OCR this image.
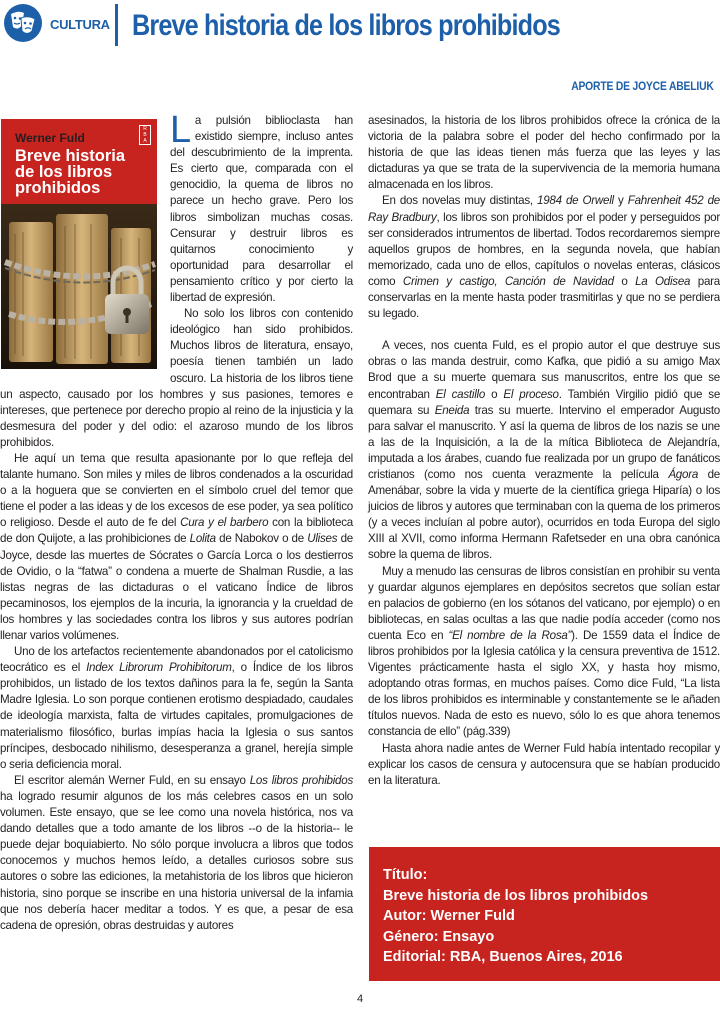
CULTURA Breve historia de los libros prohibidos
APORTE DE JOYCE ABELIUK
Werner Fuld
R
B
A
Breve historia
de los libros
prohibidos

La pulsión biblioclasta han existido siempre, incluso antes del descubrimiento de la imprenta. Es cierto que, comparada con el genocidio, la quema de libros no parece un hecho grave. Pero los libros simbolizan muchas cosas. Censurar y destruir libros es quitarnos conocimiento y oportunidad para desarrollar el pensamiento crítico y por cierto la libertad de expresión.

No solo los libros con contenido ideológico han sido prohibidos. Muchos libros de literatura, ensayo, poesía tienen también un lado oscuro. La historia de los libros tiene un aspecto, causado por los hombres y sus pasiones, temores e intereses, que pertenece por derecho propio al reino de la injusticia y la desmesura del poder y del odio: el azaroso mundo de los libros prohibidos.

He aquí un tema que resulta apasionante por lo que refleja del talante humano. Son miles y miles de libros condenados a la oscuridad o a la hoguera que se convierten en el símbolo cruel del temor que tiene el poder a las ideas y de los excesos de ese poder, ya sea político o religioso. Desde el auto de fe del Cura y el barbero con la biblioteca de don Quijote, a las prohibiciones de Lolita de Nabokov o de Ulises de Joyce, desde las muertes de Sócrates o García Lorca o los destierros de Ovidio, o la “fatwa” o condena a muerte de Shalman Rusdie, a las listas negras de las dictaduras o el vaticano Índice de libros pecaminosos, los ejemplos de la incuria, la ignorancia y la crueldad de los hombres y las sociedades contra los libros y sus autores podrían llenar varios volúmenes.

Uno de los artefactos recientemente abandonados por el catolicismo teocrático es el Index Librorum Prohibitorum, o Índice de los libros prohibidos, un listado de los textos dañinos para la fe, según la Santa Madre Iglesia. Lo son porque contienen erotismo despiadado, caudales de ideología marxista, falta de virtudes capitales, promulgaciones de materialismo filosófico, burlas impías hacia la Iglesia o sus santos príncipes, desbocado nihilismo, desesperanza a granel, herejía simple o seria deficiencia moral.

El escritor alemán Werner Fuld, en su ensayo Los libros prohibidos ha logrado resumir algunos de los más celebres casos en un solo volumen. Este ensayo, que se lee como una novela histórica, nos va dando detalles que a todo amante de los libros --o de la historia-- le puede dejar boquiabierto. No sólo porque involucra a libros que todos conocemos y muchos hemos leído, a detalles curiosos sobre sus autores o sobre las ediciones, la metahistoria de los libros que hicieron historia, sino porque se inscribe en una historia universal de la infamia que nos debería hacer meditar a todos. Y es que, a pesar de esa cadena de opresión, obras destruidas y autores

asesinados, la historia de los libros prohibidos ofrece la crónica de la victoria de la palabra sobre el poder del hecho confirmado por la historia de que las ideas tienen más fuerza que las leyes y las dictaduras ya que se trata de la supervivencia de la memoria humana almacenada en los libros.

En dos novelas muy distintas, 1984 de Orwell y Fahrenheit 452 de Ray Bradbury, los libros son prohibidos por el poder y perseguidos por ser considerados intrumentos de libertad. Todos recordaremos siempre aquellos grupos de hombres, en la segunda novela, que habían memorizado, cada uno de ellos, capítulos o novelas enteras, clásicos como Crimen y castigo, Canción de Navidad o La Odisea para conservarlas en la mente hasta poder trasmitirlas y que no se perdiera su legado.

A veces, nos cuenta Fuld, es el propio autor el que destruye sus obras o las manda destruir, como Kafka, que pidió a su amigo Max Brod que a su muerte quemara sus manuscritos, entre los que se encontraban El castillo o El proceso. También Virgilio pidió que se quemara su Eneida tras su muerte. Intervino el emperador Augusto para salvar el manuscrito. Y así la quema de libros de los nazis se une a las de la Inquisición, a la de la mítica Biblioteca de Alejandría, imputada a los árabes, cuando fue realizada por un grupo de fanáticos cristianos (como nos cuenta verazmente la película Ágora de Amenábar, sobre la vida y muerte de la científica griega Hiparía) o los juicios de libros y autores que terminaban con la quema de los primeros (y a veces incluían al pobre autor), ocurridos en toda Europa del siglo XIII al XVII, como informa Hermann Rafetseder en una obra canónica sobre la quema de libros.

Muy a menudo las censuras de libros consistían en prohibir su venta y guardar algunos ejemplares en depósitos secretos que solían estar en palacios de gobierno (en los sótanos del vaticano, por ejemplo) o en bibliotecas, en salas ocultas a las que nadie podía acceder (como nos cuenta Eco en “El nombre de la Rosa”). De 1559 data el Índice de libros prohibidos por la Iglesia católica y la censura preventiva de 1512. Vigentes prácticamente hasta el siglo XX, y hasta hoy mismo, adoptando otras formas, en muchos países. Como dice Fuld, “La lista de los libros prohibidos es interminable y constantemente se le añaden títulos nuevos. Nada de esto es nuevo, sólo lo es que ahora tenemos constancia de ello” (pág.339)

Hasta ahora nadie antes de Werner Fuld había intentado recopilar y explicar los casos de censura y autocensura que se habían producido en la literatura.

Título:
Breve historia de los libros prohibidos
Autor: Werner Fuld
Género: Ensayo
Editorial: RBA, Buenos Aires, 2016
4
